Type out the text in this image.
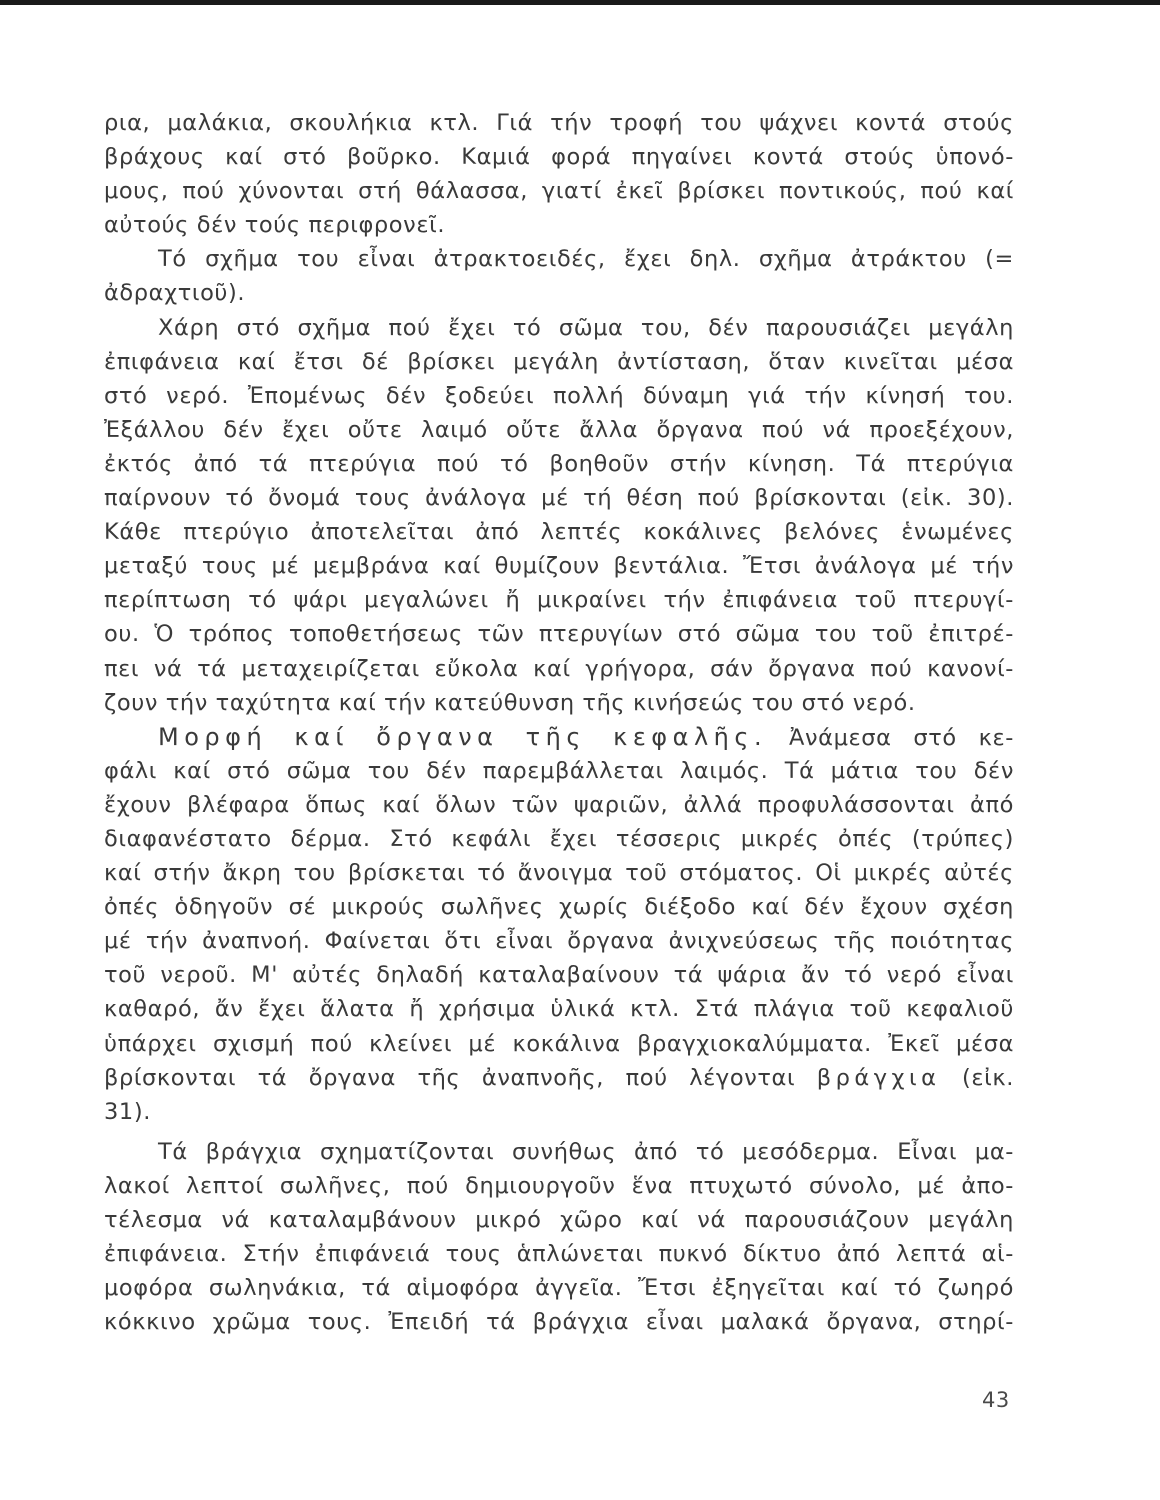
ρια, μαλάκια, σκουλήκια κτλ. Γιά τήν τροφή του ψάχνει κοντά στούς
βράχους καί στό βοῦρκο. Καμιά φορά πηγαίνει κοντά στούς ὑπονό-
μους, πού χύνονται στή θάλασσα, γιατί ἐκεῖ βρίσκει ποντικούς, πού καί
αὐτούς δέν τούς περιφρονεῖ.
Τό σχῆμα του εἶναι ἀτρακτοειδές, ἔχει δηλ. σχῆμα ἀτράκτου (=
ἀδραχτιοῦ).
Χάρη στό σχῆμα πού ἔχει τό σῶμα του, δέν παρουσιάζει μεγάλη
ἐπιφάνεια καί ἔτσι δέ βρίσκει μεγάλη ἀντίσταση, ὅταν κινεῖται μέσα
στό νερό. Ἐπομένως δέν ξοδεύει πολλή δύναμη γιά τήν κίνησή του.
Ἐξάλλου δέν ἔχει οὔτε λαιμό οὔτε ἄλλα ὄργανα πού νά προεξέχουν,
ἐκτός ἀπό τά πτερύγια πού τό βοηθοῦν στήν κίνηση. Τά πτερύγια
παίρνουν τό ὄνομά τους ἀνάλογα μέ τή θέση πού βρίσκονται (εἰκ. 30).
Κάθε πτερύγιο ἀποτελεῖται ἀπό λεπτές κοκάλινες βελόνες ἑνωμένες
μεταξύ τους μέ μεμβράνα καί θυμίζουν βεντάλια. Ἔτσι ἀνάλογα μέ τήν
περίπτωση τό ψάρι μεγαλώνει ἤ μικραίνει τήν ἐπιφάνεια τοῦ πτερυγί-
ου. Ὁ τρόπος τοποθετήσεως τῶν πτερυγίων στό σῶμα του τοῦ ἐπιτρέ-
πει νά τά μεταχειρίζεται εὔκολα καί γρήγορα, σάν ὄργανα πού κανονί-
ζουν τήν ταχύτητα καί τήν κατεύθυνση τῆς κινήσεώς του στό νερό.
Μορφή καί ὄργανα τῆς κεφαλῆς. Ἀνάμεσα στό κε-
φάλι καί στό σῶμα του δέν παρεμβάλλεται λαιμός. Τά μάτια του δέν
ἔχουν βλέφαρα ὅπως καί ὅλων τῶν ψαριῶν, ἀλλά προφυλάσσονται ἀπό
διαφανέστατο δέρμα. Στό κεφάλι ἔχει τέσσερις μικρές ὀπές (τρύπες)
καί στήν ἄκρη του βρίσκεται τό ἄνοιγμα τοῦ στόματος. Οἱ μικρές αὐτές
ὀπές ὁδηγοῦν σέ μικρούς σωλῆνες χωρίς διέξοδο καί δέν ἔχουν σχέση
μέ τήν ἀναπνοή. Φαίνεται ὅτι εἶναι ὄργανα ἀνιχνεύσεως τῆς ποιότητας
τοῦ νεροῦ. Μ' αὐτές δηλαδή καταλαβαίνουν τά ψάρια ἄν τό νερό εἶναι
καθαρό, ἄν ἔχει ἅλατα ἤ χρήσιμα ὑλικά κτλ. Στά πλάγια τοῦ κεφαλιοῦ
ὑπάρχει σχισμή πού κλείνει μέ κοκάλινα βραγχιοκαλύμματα. Ἐκεῖ μέσα
βρίσκονται τά ὄργανα τῆς ἀναπνοῆς, πού λέγονται βράγχια (εἰκ.
31).
Τά βράγχια σχηματίζονται συνήθως ἀπό τό μεσόδερμα. Εἶναι μα-
λακοί λεπτοί σωλῆνες, πού δημιουργοῦν ἕνα πτυχωτό σύνολο, μέ ἀπο-
τέλεσμα νά καταλαμβάνουν μικρό χῶρο καί νά παρουσιάζουν μεγάλη
ἐπιφάνεια. Στήν ἐπιφάνειά τους ἁπλώνεται πυκνό δίκτυο ἀπό λεπτά αἱ-
μοφόρα σωληνάκια, τά αἱμοφόρα ἀγγεῖα. Ἔτσι ἐξηγεῖται καί τό ζωηρό
κόκκινο χρῶμα τους. Ἐπειδή τά βράγχια εἶναι μαλακά ὄργανα, στηρί-
43
